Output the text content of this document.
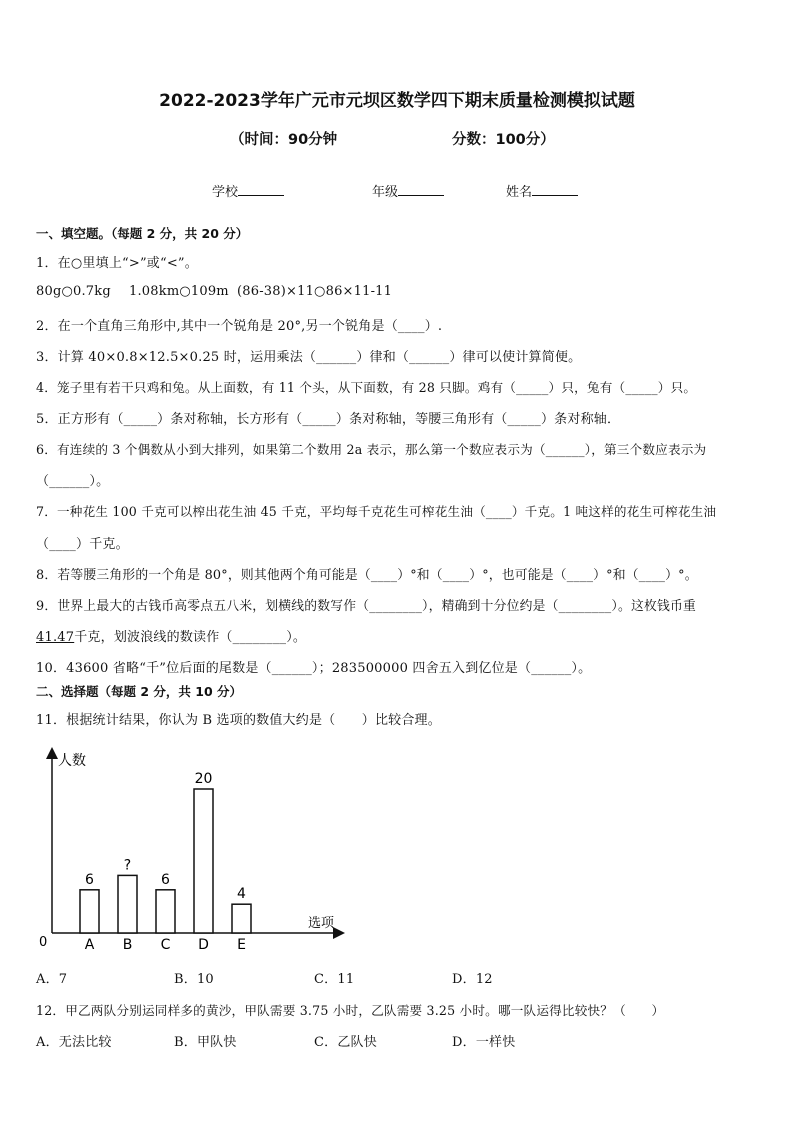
2022-2023学年广元市元坝区数学四下期末质量检测模拟试题
（时间：90分钟	分数：100分）
学校	年级	姓名
一、填空题。（每题 2 分，共 20 分）
1．在○里填上“>”或“<”。
80g○0.7kg 1.08km○109m (86-38)×11○86×11-11
2．在一个直角三角形中,其中一个锐角是 20°,另一个锐角是（____）.
3．计算 40×0.8×12.5×0.25 时，运用乘法（______）律和（______）律可以使计算简便。
4．笼子里有若干只鸡和兔。从上面数，有 11 个头，从下面数，有 28 只脚。鸡有（_____）只，兔有（_____）只。
5．正方形有（_____）条对称轴，长方形有（_____）条对称轴，等腰三角形有（_____）条对称轴．
6．有连续的 3 个偶数从小到大排列，如果第二个数用 2a 表示，那么第一个数应表示为（______），第三个数应表示为
（______）。
7．一种花生 100 千克可以榨出花生油 45 千克，平均每千克花生可榨花生油（____）千克。1 吨这样的花生可榨花生油
（____）千克。
8．若等腰三角形的一个角是 80°，则其他两个角可能是（____）°和（____）°，也可能是（____）°和（____）°。
9．世界上最大的古钱币高零点五八米，划横线的数写作（________），精确到十分位约是（________）。这枚钱币重
41.47千克，划波浪线的数读作（________）。
10．43600 省略“千”位后面的尾数是（______）；283500000 四舍五入到亿位是（______）。
二、选择题（每题 2 分，共 10 分）
11．根据统计结果，你认为 B 选项的数值大约是（　　）比较合理。
人数
选项
0
6
A
?
B
6
C
20
D
4
E
A．7	B．10	C．11	D．12
12．甲乙两队分别运同样多的黄沙，甲队需要 3.75 小时，乙队需要 3.25 小时。哪一队运得比较快？（　　）
A．无法比较	B．甲队快	C．乙队快	D．一样快
